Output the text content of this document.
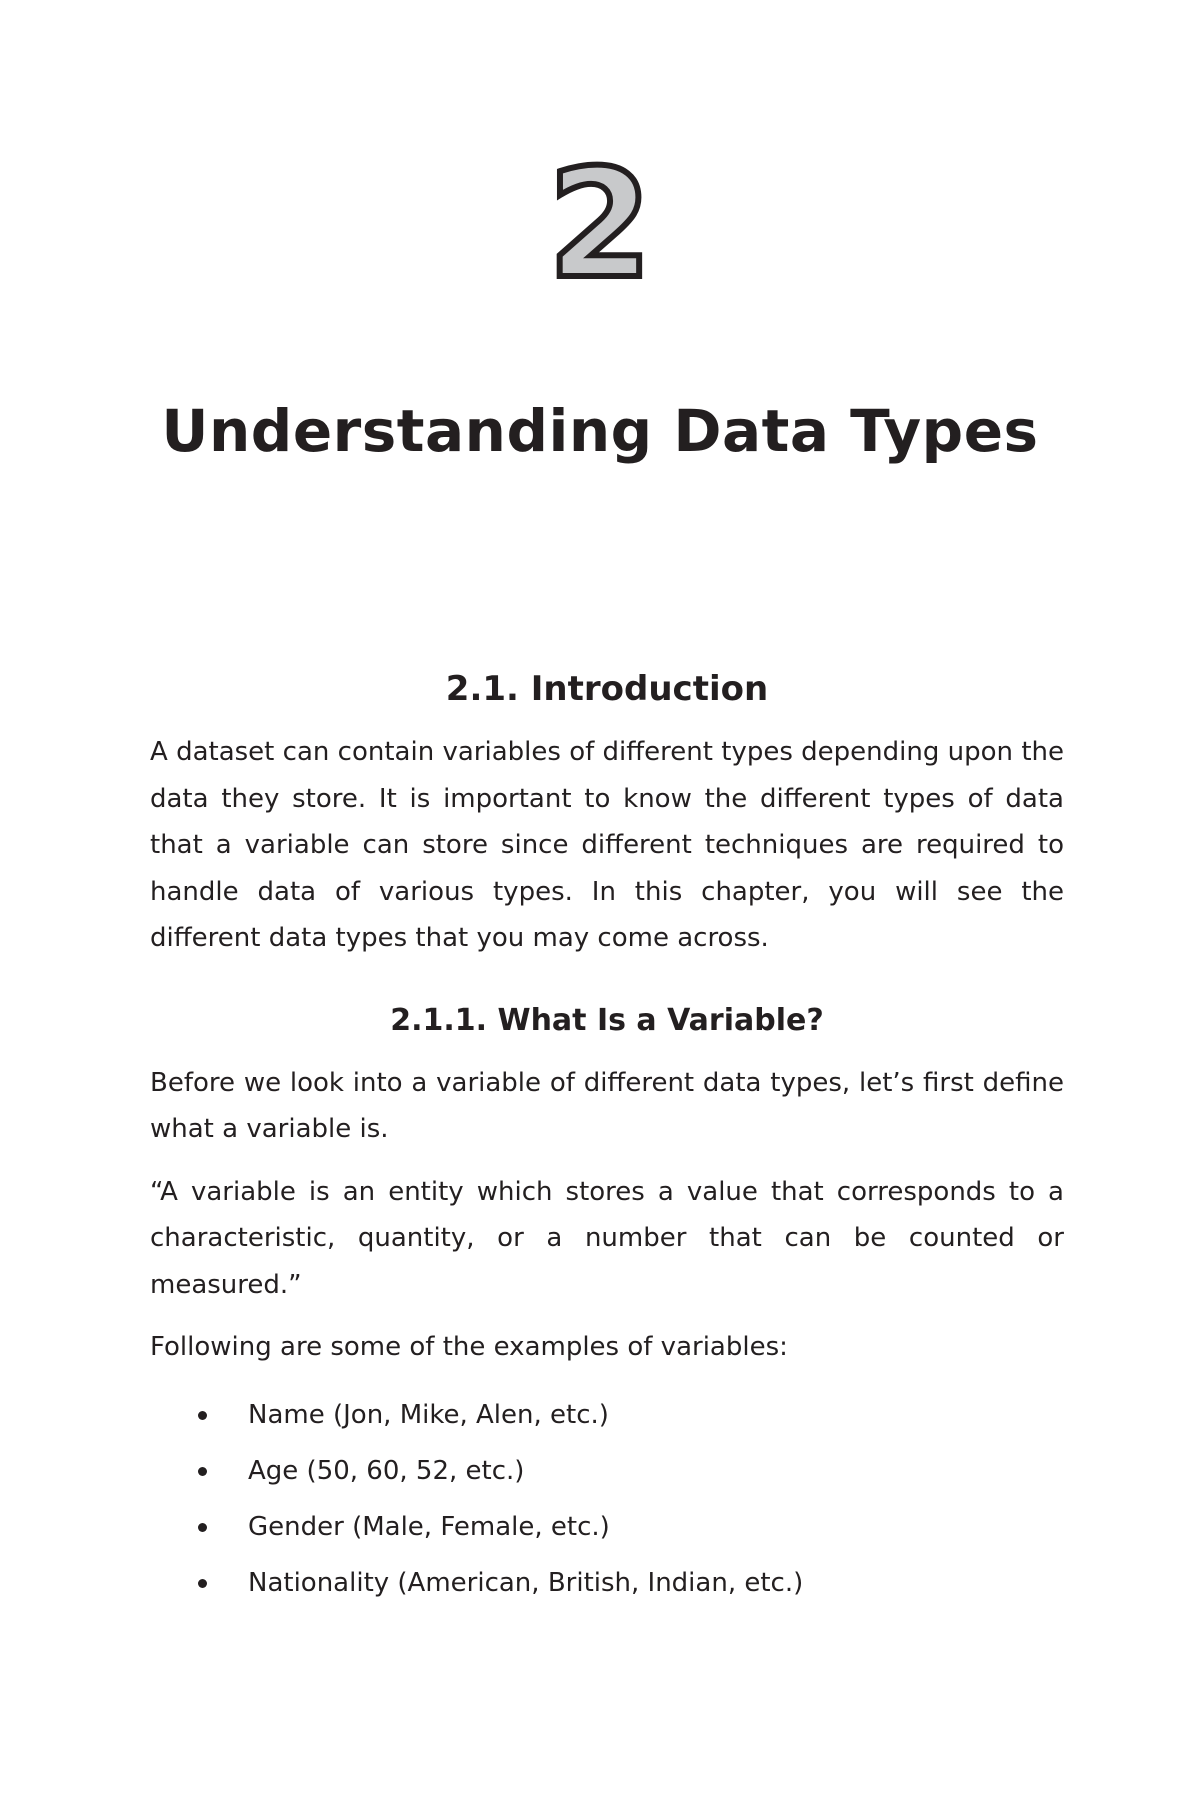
2
Understanding Data Types
2.1. Introduction

A dataset can contain variables of different types depending upon the data they store. It is important to know the different types of data that a variable can store since different techniques are required to handle data of various types. In this chapter, you will see the different data types that you may come across.

2.1.1. What Is a Variable?

Before we look into a variable of different data types, let’s first define what a variable is.

“A variable is an entity which stores a value that corresponds to a characteristic, quantity, or a number that can be counted or measured.”

Following are some of the examples of variables:

Name (Jon, Mike, Alen, etc.)
Age (50, 60, 52, etc.)
Gender (Male, Female, etc.)
Nationality (American, British, Indian, etc.)
